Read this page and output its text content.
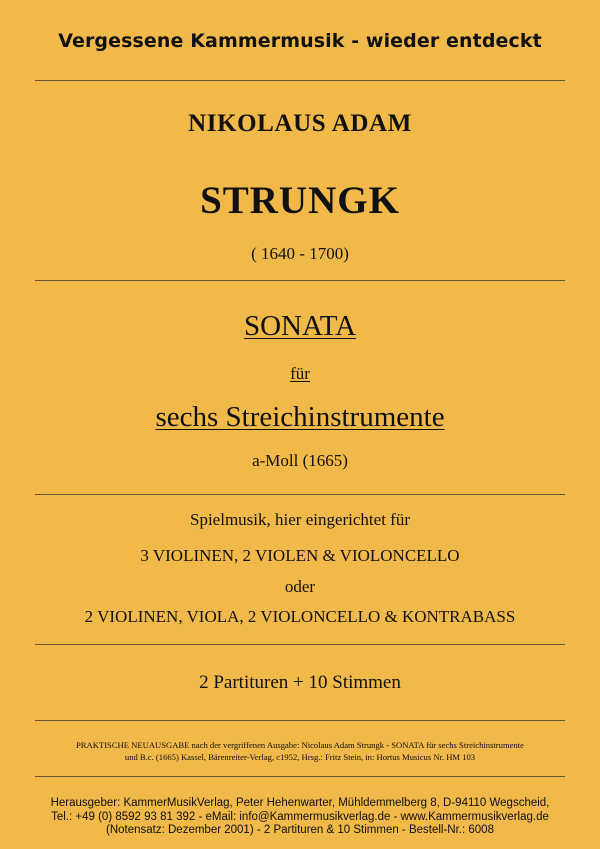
Vergessene Kammermusik - wieder entdeckt
NIKOLAUS ADAM
STRUNGK
( 1640 - 1700)
SONATA
für
sechs Streichinstrumente
a-Moll (1665)
Spielmusik, hier eingerichtet für
3 VIOLINEN, 2 VIOLEN & VIOLONCELLO
oder
2 VIOLINEN, VIOLA, 2 VIOLONCELLO & KONTRABASS
2 Partituren + 10 Stimmen
PRAKTISCHE NEUAUSGABE nach der vergriffenen Ausgabe: Nicolaus Adam Strungk - SONATA für sechs Streichinstrumente
und B.c. (1665) Kassel, Bärenreiter-Verlag, c1952, Hrsg.: Fritz Stein, in: Hortus Musicus Nr. HM 103
Herausgeber: KammerMusikVerlag, Peter Hehenwarter, Mühldemmelberg 8, D-94110 Wegscheid,
Tel.: +49 (0) 8592 93 81 392 - eMail: info@Kammermusikverlag.de - www.Kammermusikverlag.de
(Notensatz: Dezember 2001) - 2 Partituren & 10 Stimmen - Bestell-Nr.: 6008
